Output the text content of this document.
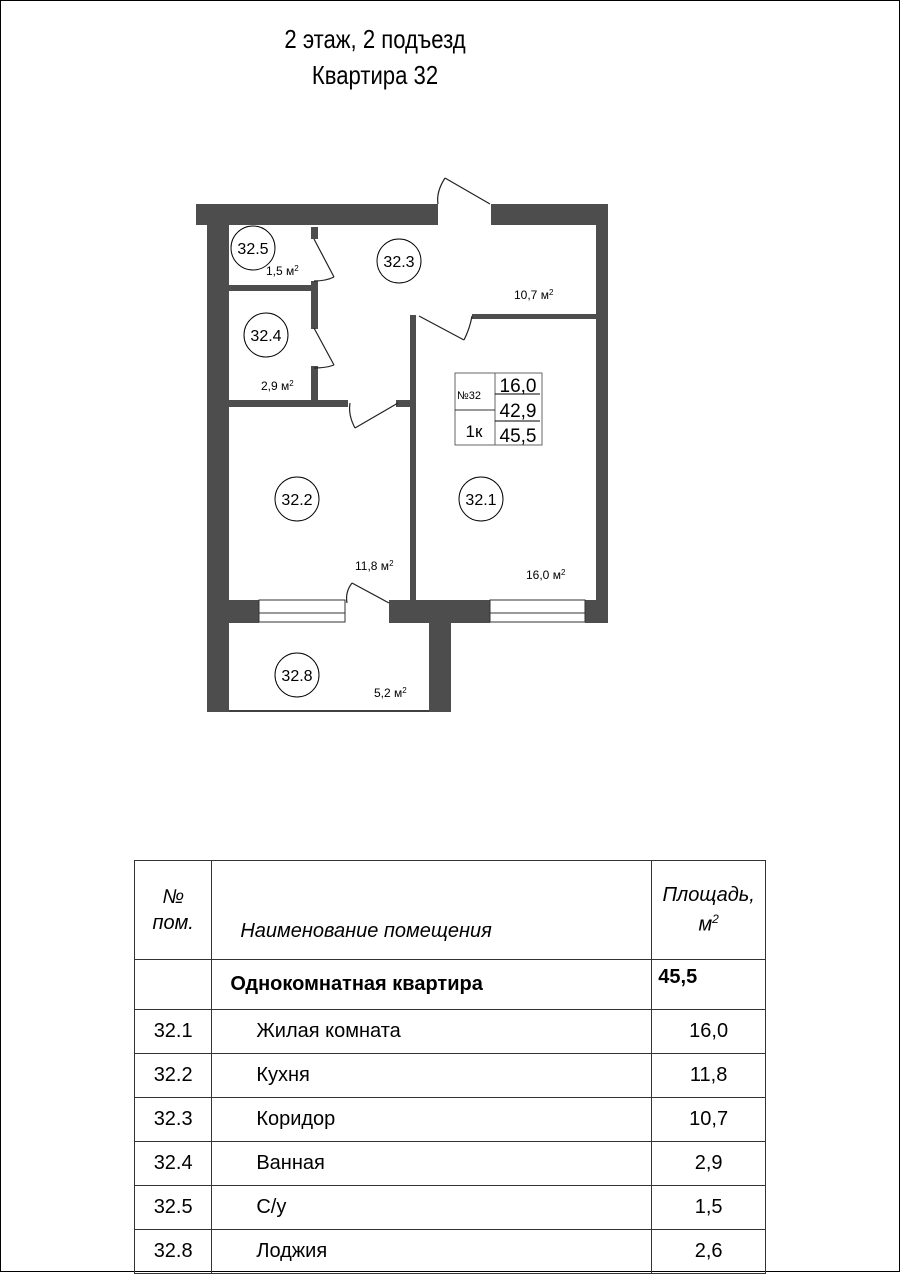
2 этаж, 2 подъезд
Квартира 32
32.5
32.3
32.4
32.2	32.1
32.8
1,5 $м^2$
10,7 $м^2$
2,9 $м^2$
11,8 $м^2$
16,0 $м^2$
5,2 $м^2$
№32 16,0
42,9
1к 45,5
№
пом.	Наименование помещения	Площадь,
$м^2$
	Однокомнатная квартира	45,5
32.1	Жилая комната	16,0
32.2	Кухня	11,8
32.3	Коридор	10,7
32.4	Ванная	2,9
32.5	С/у	1,5
32.8	Лоджия	2,6
